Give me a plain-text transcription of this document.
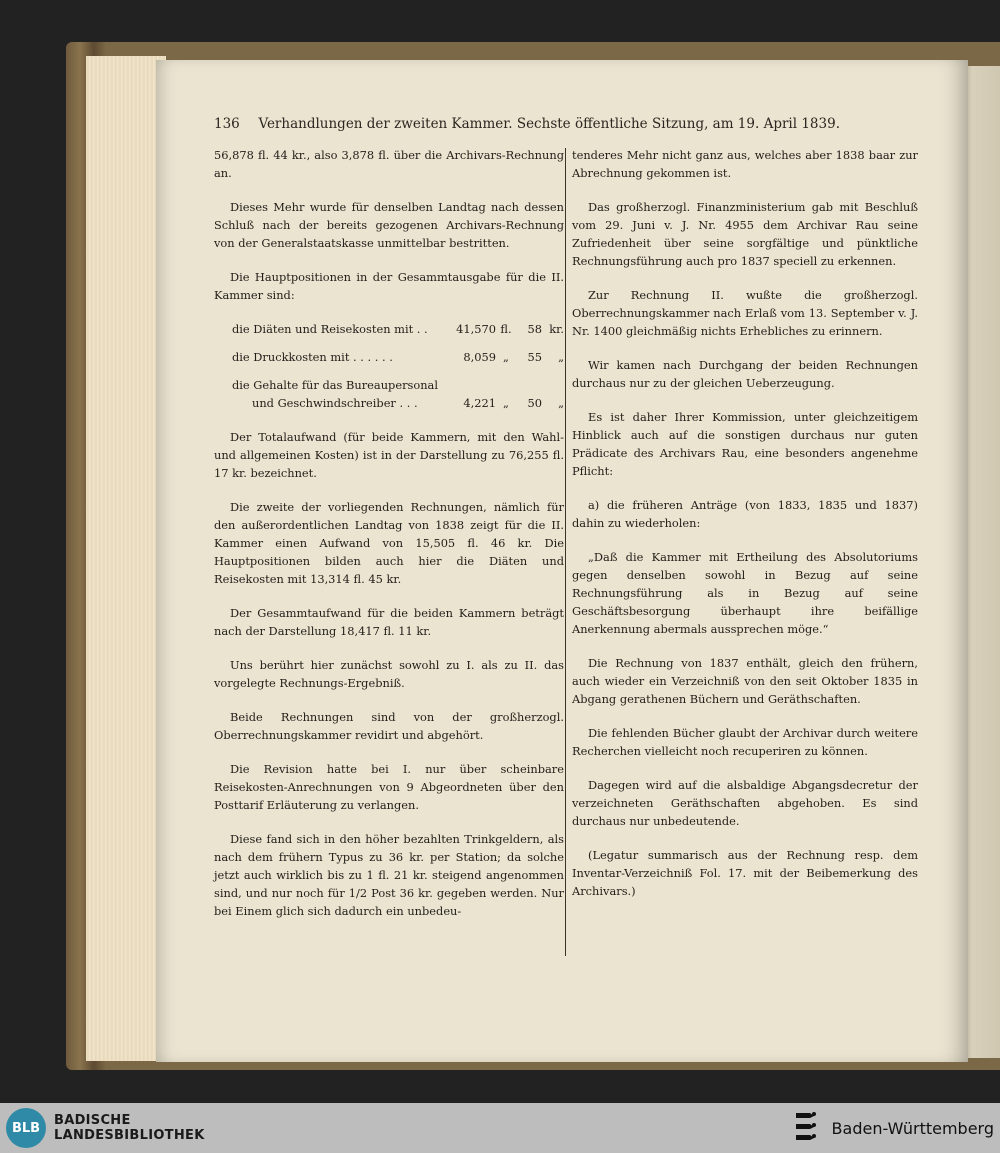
136 Verhandlungen der zweiten Kammer. Sechste öffentliche Sitzung, am 19. April 1839.

56,878 fl. 44 kr., also 3,878 fl. über die Archivars-Rechnung an.

Dieses Mehr wurde für denselben Landtag nach dessen Schluß nach der bereits gezogenen Archivars-Rechnung von der Generalstaatskasse unmittelbar bestritten.

Die Hauptpositionen in der Gesammtausgabe für die II. Kammer sind:

die Diäten und Reisekosten mit . .	41,570 fl.	58 kr.
die Druckkosten mit . . . . . .	8,059 „	55	„
die Gehalte für das Bureaupersonal
und Geschwindschreiber . . .	4,221 „	50	„

Der Totalaufwand (für beide Kammern, mit den Wahl- und allgemeinen Kosten) ist in der Darstellung zu 76,255 fl. 17 kr. bezeichnet.

Die zweite der vorliegenden Rechnungen, nämlich für den außerordentlichen Landtag von 1838 zeigt für die II. Kammer einen Aufwand von 15,505 fl. 46 kr. Die Hauptpositionen bilden auch hier die Diäten und Reisekosten mit 13,314 fl. 45 kr.

Der Gesammtaufwand für die beiden Kammern beträgt nach der Darstellung 18,417 fl. 11 kr.

Uns berührt hier zunächst sowohl zu I. als zu II. das vorgelegte Rechnungs-Ergebniß.

Beide Rechnungen sind von der großherzogl. Oberrechnungskammer revidirt und abgehört.

Die Revision hatte bei I. nur über scheinbare Reisekosten-Anrechnungen von 9 Abgeordneten über den Posttarif Erläuterung zu verlangen.

Diese fand sich in den höher bezahlten Trinkgeldern, als nach dem frühern Typus zu 36 kr. per Station; da solche jetzt auch wirklich bis zu 1 fl. 21 kr. steigend angenommen sind, und nur noch für 1/2 Post 36 kr. gegeben werden. Nur bei Einem glich sich dadurch ein unbedeu-

tenderes Mehr nicht ganz aus, welches aber 1838 baar zur Abrechnung gekommen ist.

Das großherzogl. Finanzministerium gab mit Beschluß vom 29. Juni v. J. Nr. 4955 dem Archivar Rau seine Zufriedenheit über seine sorgfältige und pünktliche Rechnungsführung auch pro 1837 speciell zu erkennen.

Zur Rechnung II. wußte die großherzogl. Oberrechnungskammer nach Erlaß vom 13. September v. J. Nr. 1400 gleichmäßig nichts Erhebliches zu erinnern.

Wir kamen nach Durchgang der beiden Rechnungen durchaus nur zu der gleichen Ueberzeugung.

Es ist daher Ihrer Kommission, unter gleichzeitigem Hinblick auch auf die sonstigen durchaus nur guten Prädicate des Archivars Rau, eine besonders angenehme Pflicht:

a) die früheren Anträge (von 1833, 1835 und 1837) dahin zu wiederholen:

„Daß die Kammer mit Ertheilung des Absolutoriums gegen denselben sowohl in Bezug auf seine Rechnungsführung als in Bezug auf seine Geschäftsbesorgung überhaupt ihre beifällige Anerkennung abermals aussprechen möge.“

Die Rechnung von 1837 enthält, gleich den frühern, auch wieder ein Verzeichniß von den seit Oktober 1835 in Abgang gerathenen Büchern und Geräthschaften.

Die fehlenden Bücher glaubt der Archivar durch weitere Recherchen vielleicht noch recuperiren zu können.

Dagegen wird auf die alsbaldige Abgangsdecretur der verzeichneten Geräthschaften abgehoben. Es sind durchaus nur unbedeutende.

(Legatur summarisch aus der Rechnung resp. dem Inventar-Verzeichniß Fol. 17. mit der Beibemerkung des Archivars.)

BLB	BADISCHE
LANDESBIBLIOTHEK	Baden-Württemberg
